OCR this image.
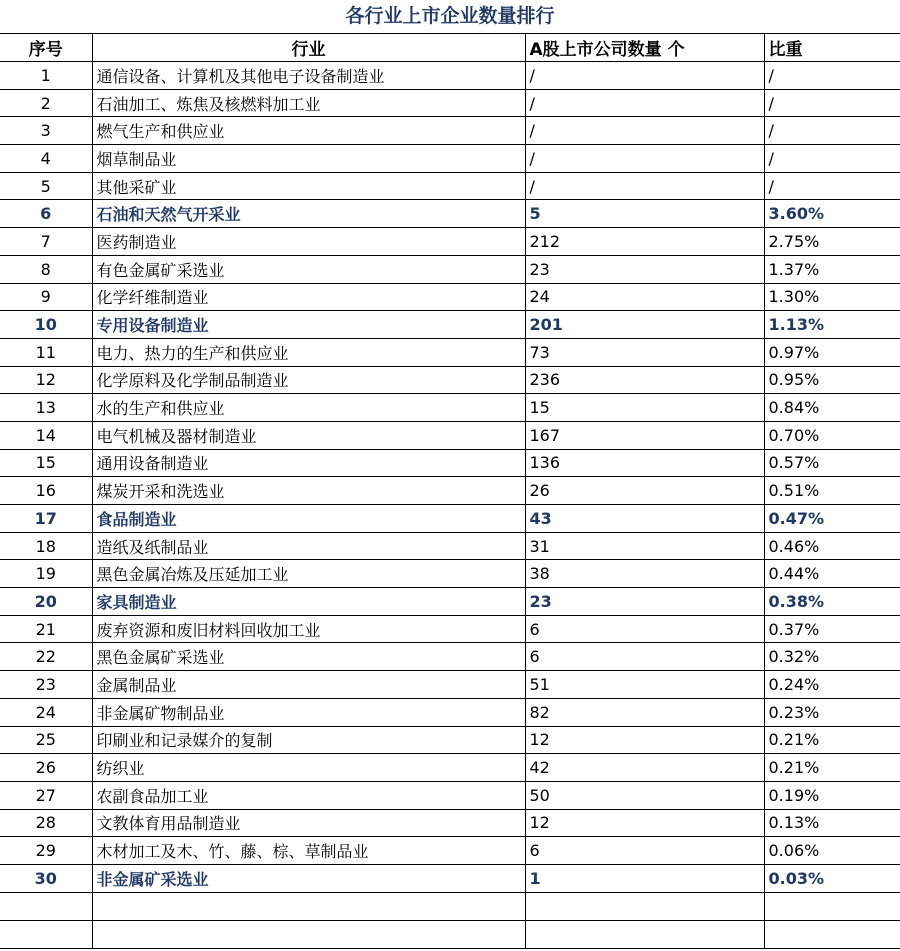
各行业上市企业数量排行
序号	行业	A股上市公司数量 个	比重
1	通信设备、计算机及其他电子设备制造业	/	/
2	石油加工、炼焦及核燃料加工业	/	/
3	燃气生产和供应业	/	/
4	烟草制品业	/	/
5	其他采矿业	/	/
6	石油和天然气开采业	5	3.60%
7	医药制造业	212	2.75%
8	有色金属矿采选业	23	1.37%
9	化学纤维制造业	24	1.30%
10	专用设备制造业	201	1.13%
11	电力、热力的生产和供应业	73	0.97%
12	化学原料及化学制品制造业	236	0.95%
13	水的生产和供应业	15	0.84%
14	电气机械及器材制造业	167	0.70%
15	通用设备制造业	136	0.57%
16	煤炭开采和洗选业	26	0.51%
17	食品制造业	43	0.47%
18	造纸及纸制品业	31	0.46%
19	黑色金属冶炼及压延加工业	38	0.44%
20	家具制造业	23	0.38%
21	废弃资源和废旧材料回收加工业	6	0.37%
22	黑色金属矿采选业	6	0.32%
23	金属制品业	51	0.24%
24	非金属矿物制品业	82	0.23%
25	印刷业和记录媒介的复制	12	0.21%
26	纺织业	42	0.21%
27	农副食品加工业	50	0.19%
28	文教体育用品制造业	12	0.13%
29	木材加工及木、竹、藤、棕、草制品业	6	0.06%
30	非金属矿采选业	1	0.03%
